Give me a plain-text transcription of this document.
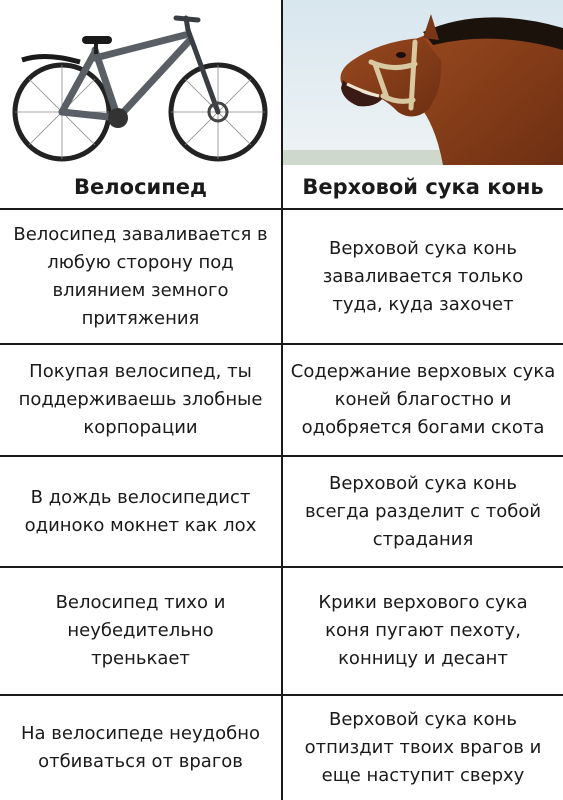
Велосипед	Верховой сука конь
Велосипед заваливается в любую сторону под влиянием земного притяжения
Верховой сука конь заваливается только туда, куда захочет
Покупая велосипед, ты поддерживаешь злобные корпорации
Содержание верховых сука коней благостно и одобряется богами скота
В дождь велосипедист одиноко мокнет как лох
Верховой сука конь всегда разделит с тобой страдания
Велосипед тихо и неубедительно тренькает
Крики верхового сука коня пугают пехоту, конницу и десант
На велосипеде неудобно отбиваться от врагов
Верховой сука конь отпиздит твоих врагов и еще наступит сверху
